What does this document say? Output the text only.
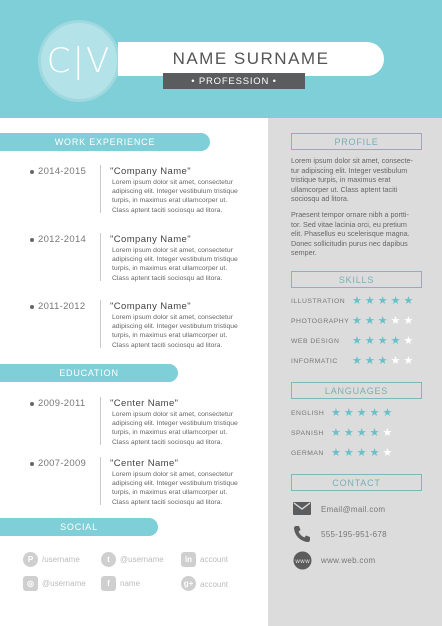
C|V	NAME SURNAME
• PROFESSION •
WORK EXPERIENCE
2014-2015	"Company Name"
Lorem ipsum dolor sit amet, consectetur
adipiscing elit. Integer vestibulum tristique
turpis, in maximus erat ullamcorper ut.
Class aptent taciti sociosqu ad litora.
2012-2014	"Company Name"
Lorem ipsum dolor sit amet, consectetur
adipiscing elit. Integer vestibulum tristique
turpis, in maximus erat ullamcorper ut.
Class aptent taciti sociosqu ad litora.
2011-2012	"Company Name"
Lorem ipsum dolor sit amet, consectetur
adipiscing elit. Integer vestibulum tristique
turpis, in maximus erat ullamcorper ut.
Class aptent taciti sociosqu ad litora.
EDUCATION
2009-2011	"Center Name"
Lorem ipsum dolor sit amet, consectetur
adipiscing elit. Integer vestibulum tristique
turpis, in maximus erat ullamcorper ut.
Class aptent taciti sociosqu ad litora.
2007-2009	"Center Name"
Lorem ipsum dolor sit amet, consectetur
adipiscing elit. Integer vestibulum tristique
turpis, in maximus erat ullamcorper ut.
Class aptent taciti sociosqu ad litora.
SOCIAL
P	/username	t	@username	in account
◎	@username	f	name	g+ account
PROFILE
Lorem ipsum dolor sit amet, consecte-
tur adipiscing elit. Integer vestibulum
tristique turpis, in maximus erat
ullamcorper ut. Class aptent taciti
sociosqu ad litora.
Praesent tempor ornare nibh a portti-
tor. Sed vitae lacinia orci, eu pretium
elit. Phasellus eu scelerisque magna.
Donec sollicitudin purus nec dapibus
semper.
SKILLS
ILLUSTRATION ★★★★★
PHOTOGRAPHY ★★★★★
WEB DESIGN ★★★★★
INFORMATIC ★★★★★
LANGUAGES
ENGLISH ★★★★★
SPANISH ★★★★★
GERMAN ★★★★★
CONTACT
Email@mail.com
555-195-951-678
www www.web.com
